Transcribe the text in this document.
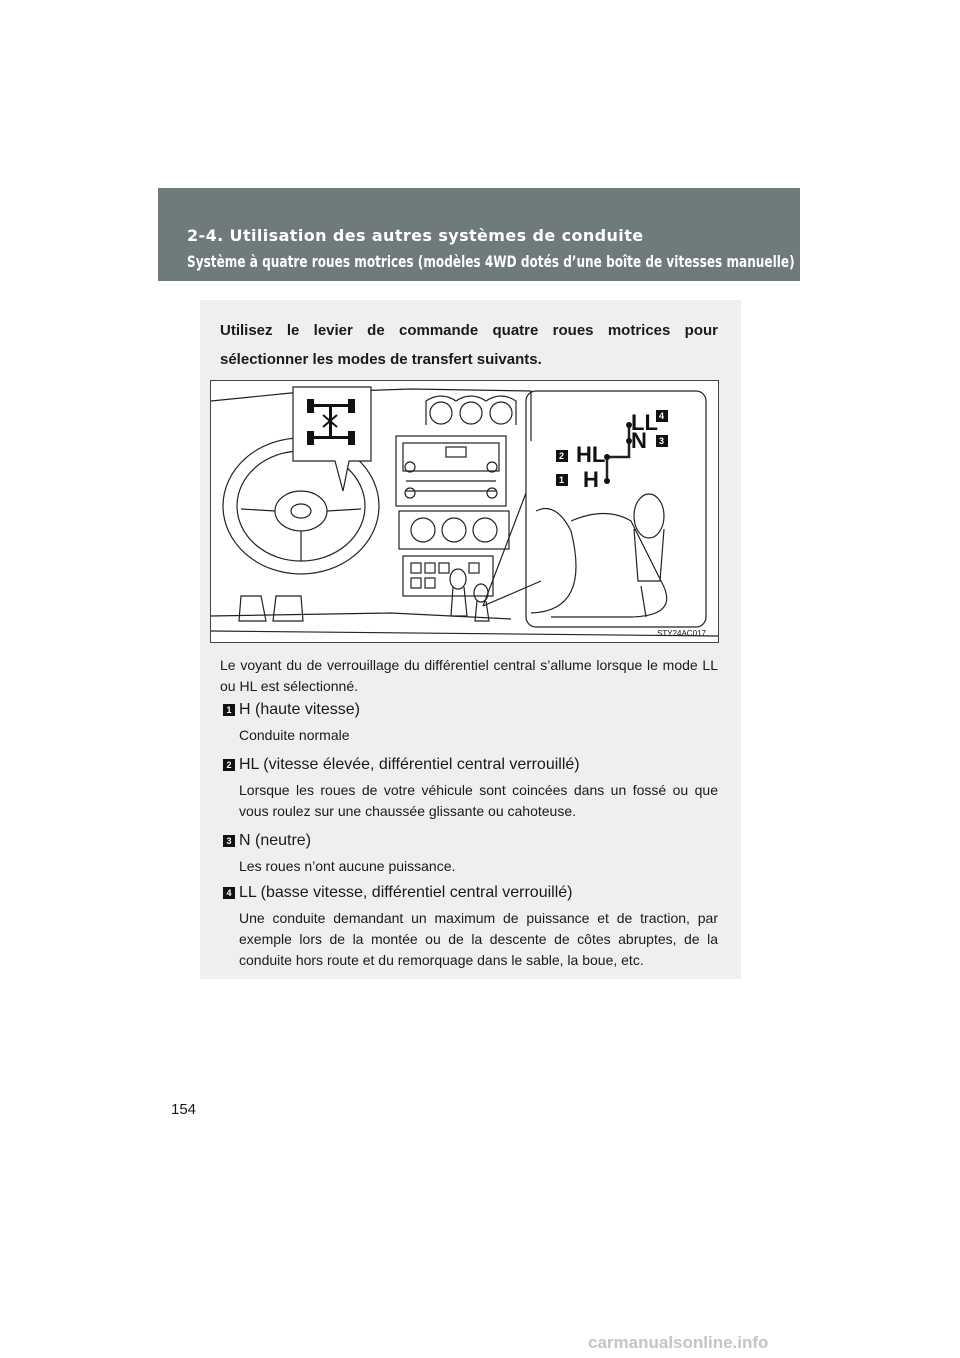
2-4. Utilisation des autres systèmes de conduite
Système à quatre roues motrices (modèles 4WD dotés d’une boîte de vitesses manuelle)
Utilisez le levier de commande quatre roues motrices pour sélectionner les modes de transfert suivants.
4
3
2
1
LL
N
HL
H
STY24AC017
Le voyant du de verrouillage du différentiel central s’allume lorsque le mode LL ou HL est sélectionné.
1 H (haute vitesse)
Conduite normale
2 HL (vitesse élevée, différentiel central verrouillé)
Lorsque les roues de votre véhicule sont coincées dans un fossé ou que vous roulez sur une chaussée glissante ou cahoteuse.
3 N (neutre)
Les roues n’ont aucune puissance.
4 LL (basse vitesse, différentiel central verrouillé)
Une conduite demandant un maximum de puissance et de traction, par exemple lors de la montée ou de la descente de côtes abruptes, de la conduite hors route et du remorquage dans le sable, la boue, etc.
154
carmanualsonline.info
